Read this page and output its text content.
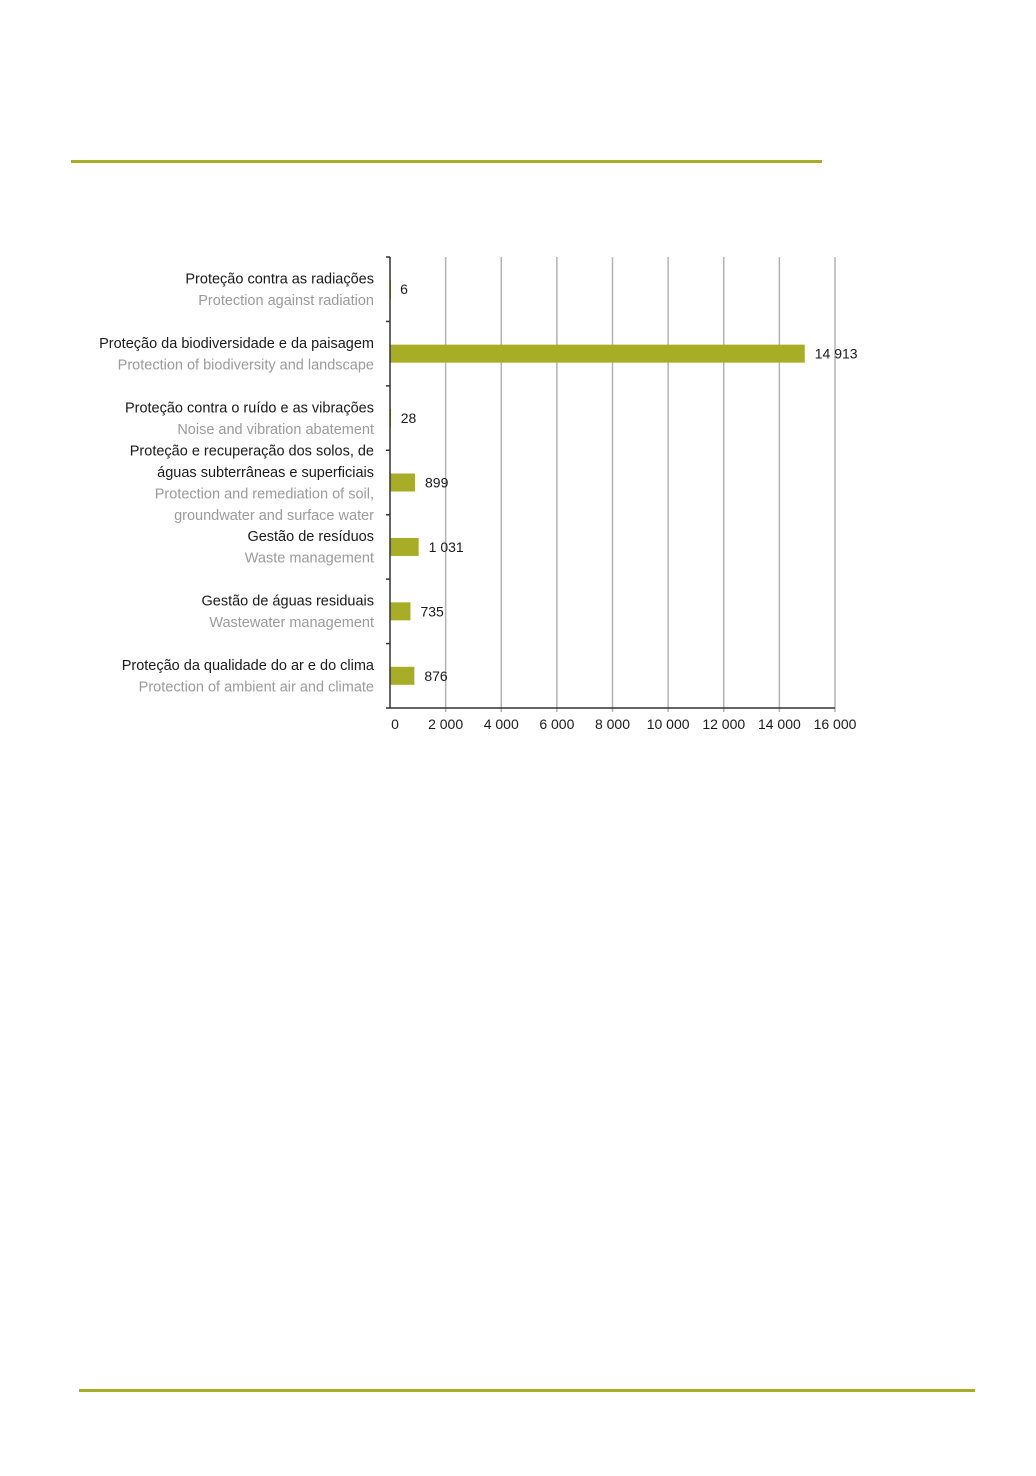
0 2 000 4 000 6 000 8 000 10 000 12 000 14 000 16 000
6
Proteção contra as radiações
Protection against radiation
14 913
Proteção da biodiversidade e da paisagem
Protection of biodiversity and landscape
28
Proteção contra o ruído e as vibrações
Noise and vibration abatement
899
Proteção e recuperação dos solos, de
águas subterrâneas e superficiais
Protection and remediation of soil,
groundwater and surface water
1 031
Gestão de resíduos
Waste management
735
Gestão de águas residuais
Wastewater management
876
Proteção da qualidade do ar e do clima
Protection of ambient air and climate
